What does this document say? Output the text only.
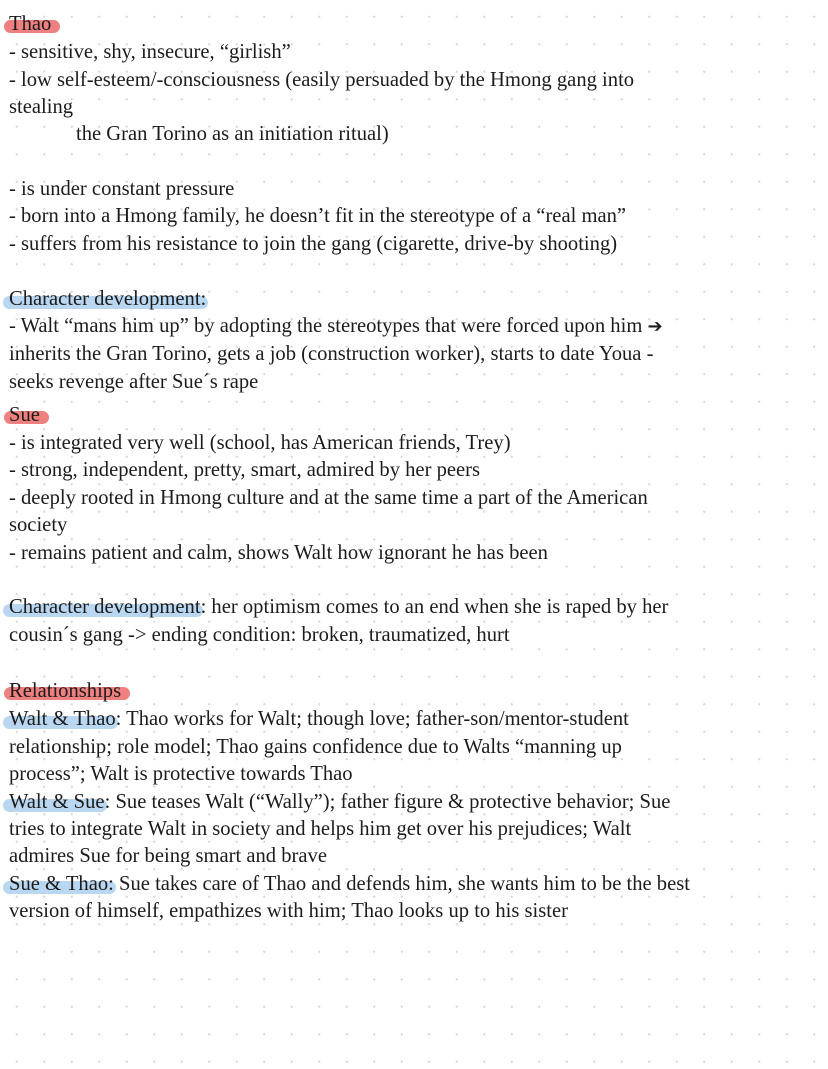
Thao

- sensitive, shy, insecure, “girlish”

- low self-esteem/-consciousness (easily persuaded by the Hmong gang into

stealing

the Gran Torino as an initiation ritual)

- is under constant pressure

- born into a Hmong family, he doesn’t fit in the stereotype of a “real man”

- suffers from his resistance to join the gang (cigarette, drive-by shooting)

Character development:

- Walt “mans him up” by adopting the stereotypes that were forced upon him ➔

inherits the Gran Torino, gets a job (construction worker), starts to date Youa -

seeks revenge after Sue´s rape

Sue

- is integrated very well (school, has American friends, Trey)

- strong, independent, pretty, smart, admired by her peers

- deeply rooted in Hmong culture and at the same time a part of the American

society

- remains patient and calm, shows Walt how ignorant he has been

Character development: her optimism comes to an end when she is raped by her

cousin´s gang -> ending condition: broken, traumatized, hurt

Relationships

Walt & Thao: Thao works for Walt; though love; father-son/mentor-student

relationship; role model; Thao gains confidence due to Walts “manning up

process”; Walt is protective towards Thao

Walt & Sue: Sue teases Walt (“Wally”); father figure & protective behavior; Sue

tries to integrate Walt in society and helps him get over his prejudices; Walt

admires Sue for being smart and brave

Sue & Thao: Sue takes care of Thao and defends him, she wants him to be the best

version of himself, empathizes with him; Thao looks up to his sister
